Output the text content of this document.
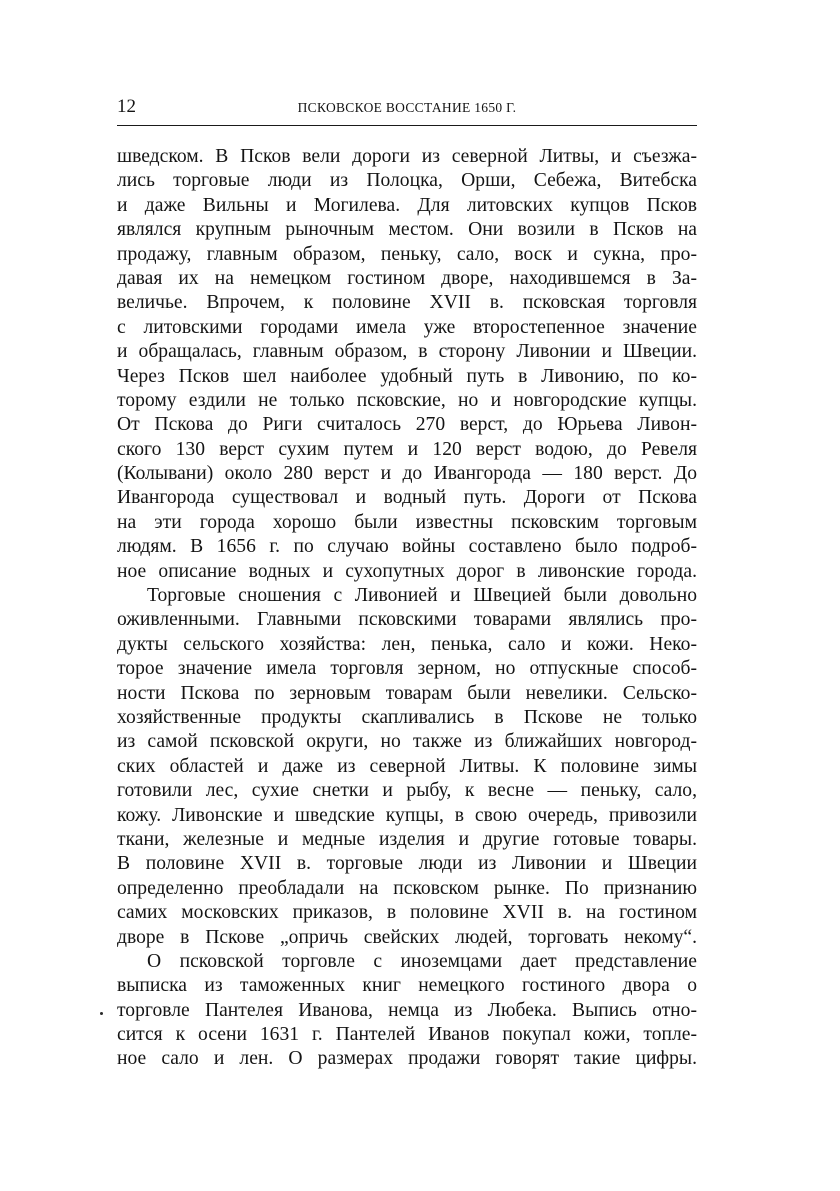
12	ПСКОВСКОЕ ВОССТАНИЕ 1650 Г.
шведском. В Псков вели дороги из северной Литвы, и съезжа-
лись торговые люди из Полоцка, Орши, Себежа, Витебска
и даже Вильны и Могилева. Для литовских купцов Псков
являлся крупным рыночным местом. Они возили в Псков на
продажу, главным образом, пеньку, сало, воск и сукна, про-
давая их на немецком гостином дворе, находившемся в За-
величье. Впрочем, к половине XVII в. псковская торговля
с литовскими городами имела уже второстепенное значение
и обращалась, главным образом, в сторону Ливонии и Швеции.
Через Псков шел наиболее удобный путь в Ливонию, по ко-
торому ездили не только псковские, но и новгородские купцы.
От Пскова до Риги считалось 270 верст, до Юрьева Ливон-
ского 130 верст сухим путем и 120 верст водою, до Ревеля
(Колывани) около 280 верст и до Ивангорода — 180 верст. До
Ивангорода существовал и водный путь. Дороги от Пскова
на эти города хорошо были известны псковским торговым
людям. В 1656 г. по случаю войны составлено было подроб-
ное описание водных и сухопутных дорог в ливонские города.
Торговые сношения с Ливонией и Швецией были довольно
оживленными. Главными псковскими товарами являлись про-
дукты сельского хозяйства: лен, пенька, сало и кожи. Неко-
торое значение имела торговля зерном, но отпускные способ-
ности Пскова по зерновым товарам были невелики. Сельско-
хозяйственные продукты скапливались в Пскове не только
из самой псковской округи, но также из ближайших новгород-
ских областей и даже из северной Литвы. К половине зимы
готовили лес, сухие снетки и рыбу, к весне — пеньку, сало,
кожу. Ливонские и шведские купцы, в свою очередь, привозили
ткани, железные и медные изделия и другие готовые товары.
В половине XVII в. торговые люди из Ливонии и Швеции
определенно преобладали на псковском рынке. По признанию
самих московских приказов, в половине XVII в. на гостином
дворе в Пскове „опричь свейских людей, торговать некому“.
О псковской торговле с иноземцами дает представление
выписка из таможенных книг немецкого гостиного двора о
торговле Пантелея Иванова, немца из Любека. Выпись отно-
сится к осени 1631 г. Пантелей Иванов покупал кожи, топле-
ное сало и лен. О размерах продажи говорят такие цифры.
